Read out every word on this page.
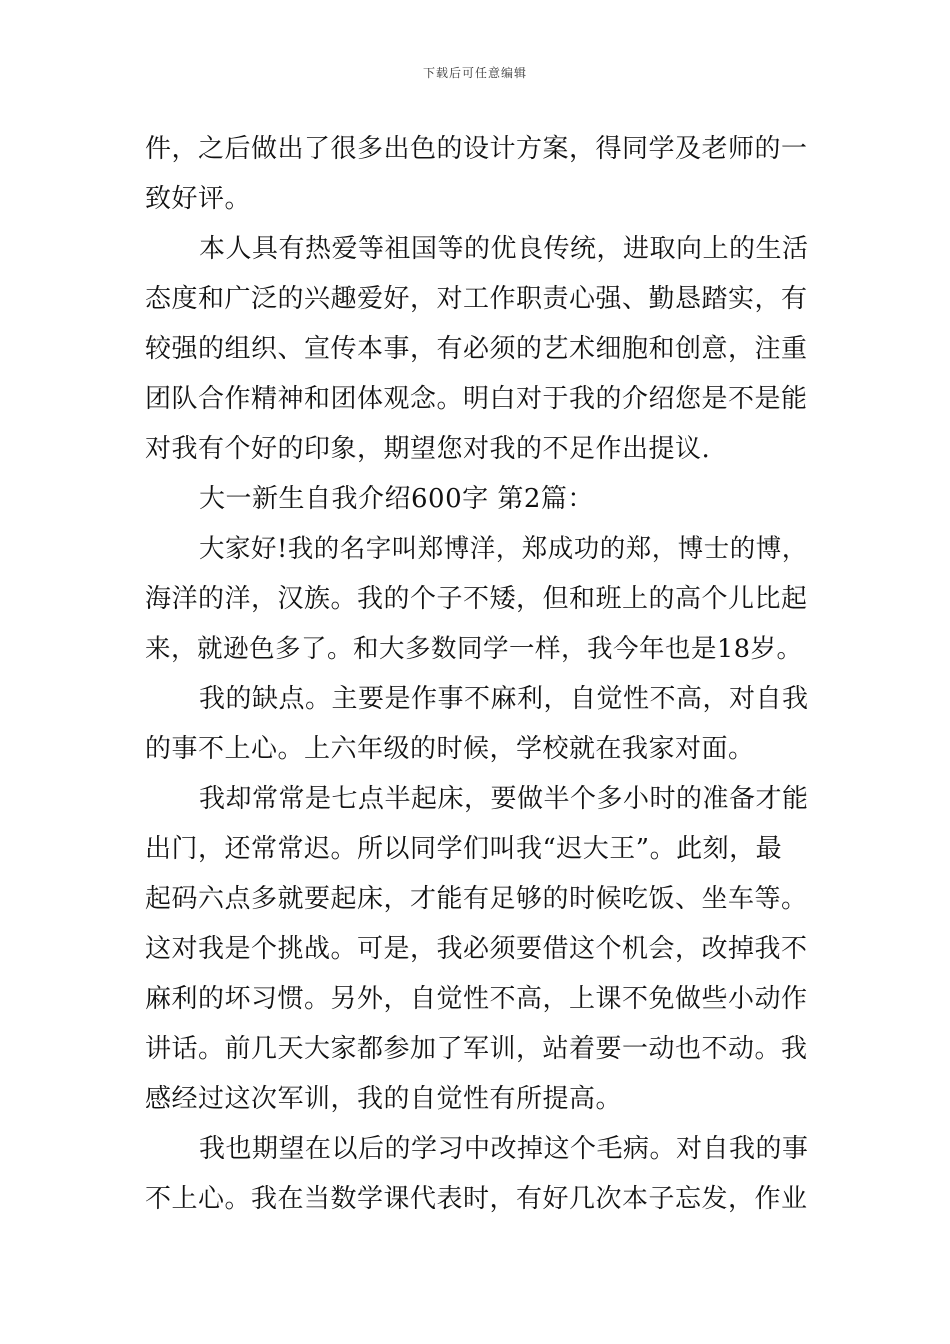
下载后可任意编辑
件，之后做出了很多出色的设计方案，得同学及老师的一
致好评。
本人具有热爱等祖国等的优良传统，进取向上的生活
态度和广泛的兴趣爱好，对工作职责心强、勤恳踏实，有
较强的组织、宣传本事，有必须的艺术细胞和创意，注重
团队合作精神和团体观念。明白对于我的介绍您是不是能
对我有个好的印象，期望您对我的不足作出提议.
大一新生自我介绍600字 第2篇：
大家好!我的名字叫郑博洋，郑成功的郑，博士的博，
海洋的洋，汉族。我的个子不矮，但和班上的高个儿比起
来，就逊色多了。和大多数同学一样，我今年也是18岁。
我的缺点。主要是作事不麻利，自觉性不高，对自我
的事不上心。上六年级的时候，学校就在我家对面。
我却常常是七点半起床，要做半个多小时的准备才能
出门，还常常迟。所以同学们叫我“迟大王”。此刻，最
起码六点多就要起床，才能有足够的时候吃饭、坐车等。
这对我是个挑战。可是，我必须要借这个机会，改掉我不
麻利的坏习惯。另外，自觉性不高，上课不免做些小动作
讲话。前几天大家都参加了军训，站着要一动也不动。我
感经过这次军训，我的自觉性有所提高。
我也期望在以后的学习中改掉这个毛病。对自我的事
不上心。我在当数学课代表时，有好几次本子忘发，作业
